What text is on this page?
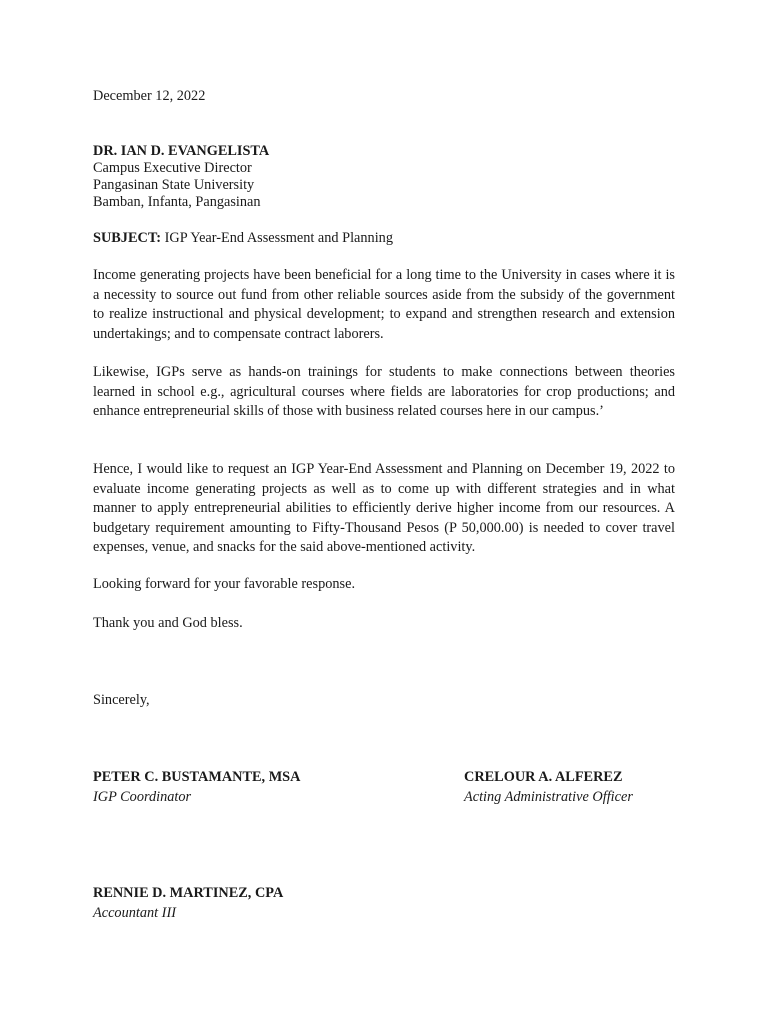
December 12, 2022
DR. IAN D. EVANGELISTA
Campus Executive Director
Pangasinan State University
Bamban, Infanta, Pangasinan
SUBJECT: IGP Year-End Assessment and Planning
Income generating projects have been beneficial for a long time to the University in cases where it is a necessity to source out fund from other reliable sources aside from the subsidy of the government to realize instructional and physical development; to expand and strengthen research and extension undertakings; and to compensate contract laborers.
Likewise, IGPs serve as hands-on trainings for students to make connections between theories learned in school e.g., agricultural courses where fields are laboratories for crop productions; and enhance entrepreneurial skills of those with business related courses here in our campus.’
Hence, I would like to request an IGP Year-End Assessment and Planning on December 19, 2022 to evaluate income generating projects as well as to come up with different strategies and in what manner to apply entrepreneurial abilities to efficiently derive higher income from our resources. A budgetary requirement amounting to Fifty-Thousand Pesos (P 50,000.00) is needed to cover travel expenses, venue, and snacks for the said above-mentioned activity.
Looking forward for your favorable response.
Thank you and God bless.
Sincerely,
PETER C. BUSTAMANTE, MSA
IGP Coordinator
CRELOUR A. ALFEREZ
Acting Administrative Officer
RENNIE D. MARTINEZ, CPA
Accountant III
